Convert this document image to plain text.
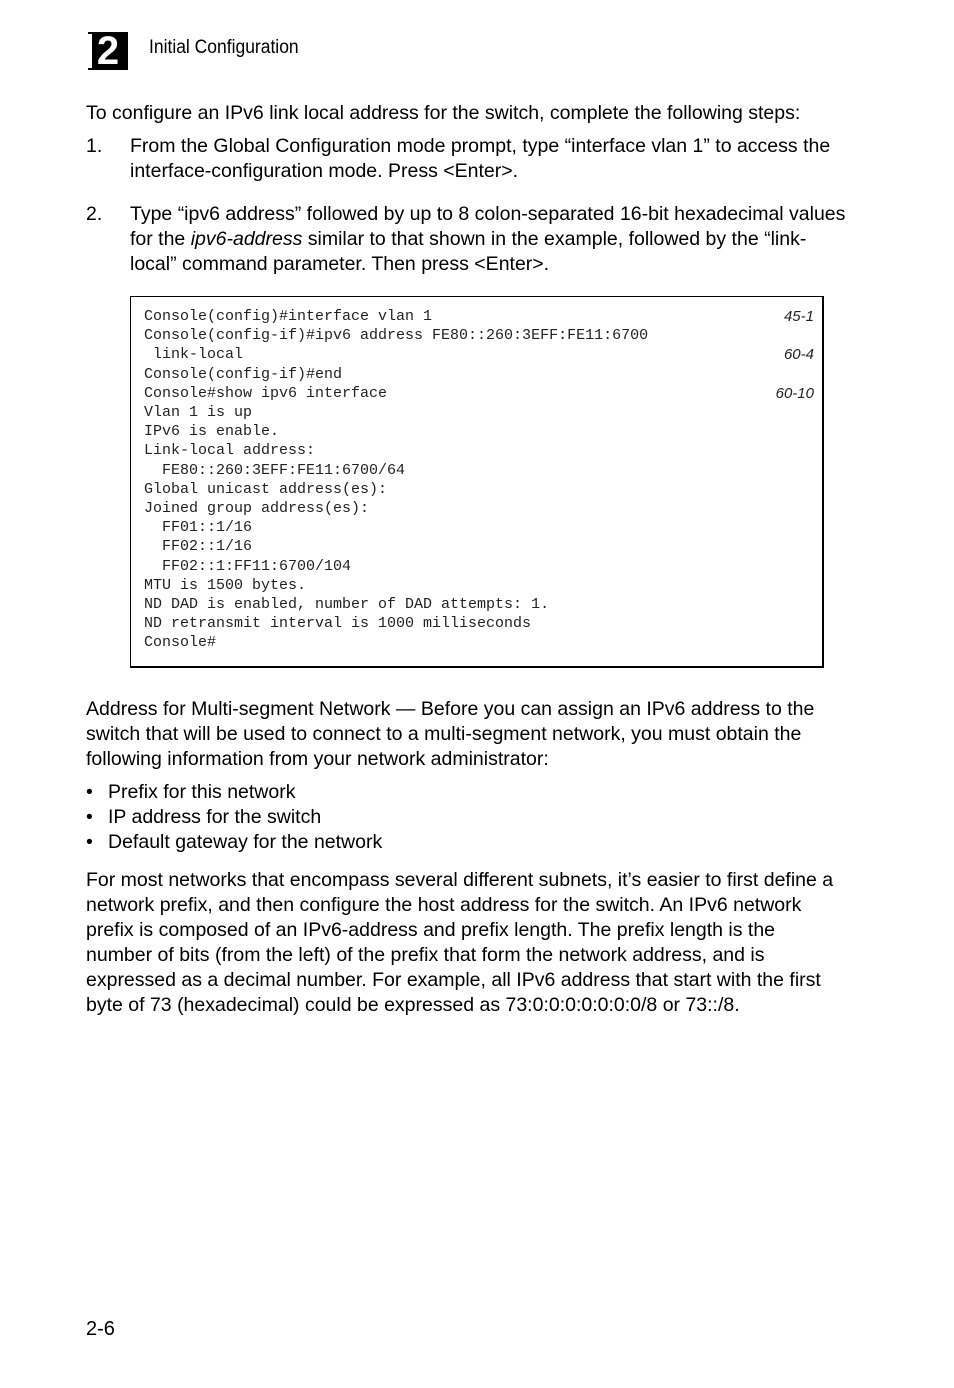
2	Initial Configuration
To configure an IPv6 link local address for the switch, complete the following steps:
1. From the Global Configuration mode prompt, type “interface vlan 1” to access the interface-configuration mode. Press <Enter>.
2. Type “ipv6 address” followed by up to 8 colon-separated 16-bit hexadecimal values for the ipv6-address similar to that shown in the example, followed by the “link-local” command parameter. Then press <Enter>.
Console(config)#interface vlan 1	45-1
Console(config-if)#ipv6 address FE80::260:3EFF:FE11:6700
link-local	60-4
Console(config-if)#end
Console#show ipv6 interface	60-10
Vlan 1 is up
IPv6 is enable.
Link-local address:
FE80::260:3EFF:FE11:6700/64
Global unicast address(es):
Joined group address(es):
FF01::1/16
FF02::1/16
FF02::1:FF11:6700/104
MTU is 1500 bytes.
ND DAD is enabled, number of DAD attempts: 1.
ND retransmit interval is 1000 milliseconds
Console#
Address for Multi-segment Network — Before you can assign an IPv6 address to the switch that will be used to connect to a multi-segment network, you must obtain the following information from your network administrator:
• Prefix for this network
• IP address for the switch
• Default gateway for the network
For most networks that encompass several different subnets, it’s easier to first define a network prefix, and then configure the host address for the switch. An IPv6 network prefix is composed of an IPv6-address and prefix length. The prefix length is the number of bits (from the left) of the prefix that form the network address, and is expressed as a decimal number. For example, all IPv6 address that start with the first byte of 73 (hexadecimal) could be expressed as 73:0:0:0:0:0:0:0/8 or 73::/8.
2-6
